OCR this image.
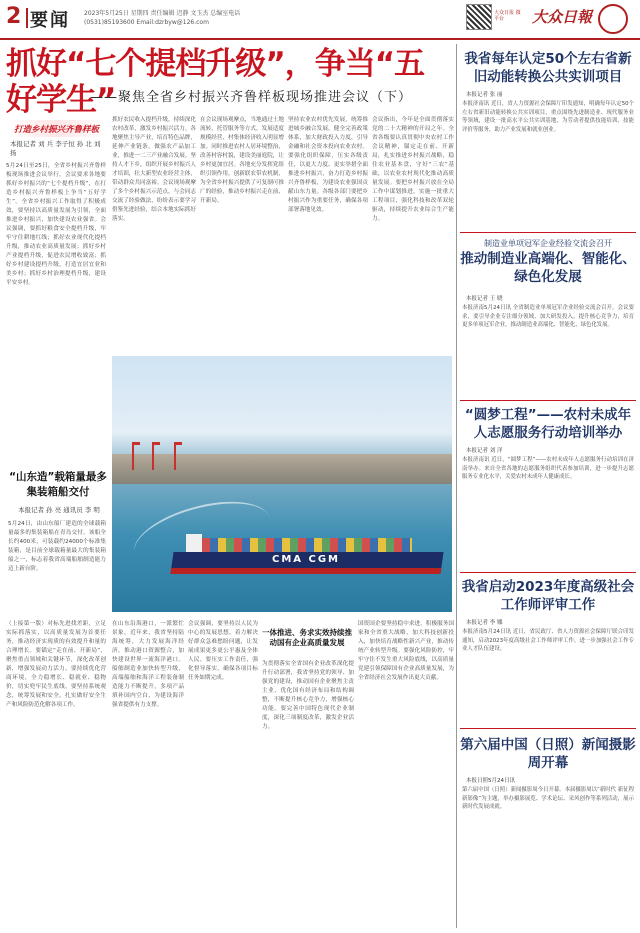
2 要闻 2023年5月25日 星期四 责任编辑 迟静 文玉杰 总编室电话(0531)85193600 Email:dzrbyw@126.com
大众日报 微平台	大众日報
抓好“七个提档升级”，争当“五好学生”
——聚焦全省乡村振兴齐鲁样板现场推进会议（下）
打造乡村振兴齐鲁样板
本报记者 刘 兵 李子恒 孙 北 刘 扬
5月24日至25日，全省乡村振兴齐鲁样板现场推进会议举行。会议要求各地要抓好乡村振兴的“七个提档升级”，在打造乡村振兴齐鲁样板上争当“五好学生”。全省乡村振兴工作取得了积极成效，要坚持以高质量发展为引领，全面推进乡村振兴，加快建设农业强省。会议强调，要抓好粮食安全提档升级，牢牢守住耕地红线；抓好农业现代化提档升级，推动农业高质量发展；抓好乡村产业提档升级，促进农民增收致富；抓好乡村建设提档升级，打造宜居宜业和美乡村；抓好乡村治理提档升级，建设平安乡村。
抓好农民收入提档升级，持续深化农村改革，激发乡村振兴活力。各地聚焦主导产业，培育特色品牌，延伸产业链条，做强农产品加工业，推进一二三产业融合发展。坚持人才下乡，组织开展乡村振兴人才培训，壮大新型农业经营主体，带动群众共同富裕。会议现场观摩了多个乡村振兴示范点，与会同志交流了经验做法，纷纷表示要学习借鉴先进经验，结合本地实际抓好落实。
在会议现场观摩点，当地通过土地流转、托管服务等方式，发展适度规模经营，村集体经济收入明显增加。同时推进农村人居环境整治，改善村容村貌，建设美丽庭院，让乡村更加宜居。各地充分发挥党组织引领作用，创新联农带农机制，为全省乡村振兴提供了可复制可推广的经验，推动乡村振兴走在前、开新局。
坚持农业农村优先发展，统筹推进城乡融合发展，健全完善政策体系，加大财政投入力度，引导金融和社会资本投向农业农村。要强化组织保障，压实各级责任，以更大力度、更实举措全面推进乡村振兴，奋力打造乡村振兴齐鲁样板，为建设农业强国贡献山东力量。各级各部门要把乡村振兴作为重要任务，确保各项部署落地见效。
会议指出，今年是全面贯彻落实党的二十大精神的开局之年。全省各级要认真贯彻中央农村工作会议精神，锚定走在前、开新局，扎实推进乡村振兴战略，稳住农业基本盘，守好“三农”基础，以农业农村现代化推动高质量发展。要把乡村振兴放在全局工作中谋划推进，实施一批重大工程项目，强化科技和改革双轮驱动，持续提升农业综合生产能力。
CMA CGM
“山东造”载箱量最多集装箱船交付
本报记者 孙 亮 通讯员 李 明
5月24日，由山东船厂建造的全球载箱量最多的集装箱船在青岛交付。该船全长约400米，可装载约24000个标准集装箱，是目前全球载箱量最大的集装箱船之一，标志着我省高端船舶制造能力迈上新台阶。
（上接第一版）对标先进找差距，立足实际抓落实，以高质量发展为首要任务，推动经济实现质的有效提升和量的合理增长。要锚定“走在前、开新局”，聚焦重点领域和关键环节，深化改革创新，增强发展动力活力。要持续优化营商环境，全力稳增长、稳就业、稳物价，切实兜牢民生底线。要坚持系统观念，统筹发展和安全，扎实做好安全生产和风险防范化解各项工作。
在山东沿海港口，一派繁忙景象。近年来，我省坚持陆海统筹，大力发展海洋经济，推动港口资源整合，加快建设世界一流海洋港口。船舶制造业加快转型升级，高端船舶和海洋工程装备制造能力不断提升，多项产品填补国内空白，为建设海洋强省提供有力支撑。
会议强调，要坚持以人民为中心的发展思想，着力解决好群众急难愁盼问题，让发展成果更多更公平惠及全体人民。要压实工作责任，强化督导落实，确保各项目标任务如期完成。
一体推进、务求实效持续推动国有企业高质量发展
为贯彻落实全省国有企业改革深化提升行动部署，我省坚持党的领导、加强党的建设，推动国有企业聚焦主责主业，优化国有经济布局和结构调整，不断提升核心竞争力，增强核心功能。要完善中国特色现代企业制度，深化三项制度改革，激发企业活力。
国资国企要坚持稳中求进，积极服务国家和全省重大战略，加大科技创新投入，加快培育战略性新兴产业，推动传统产业转型升级。要强化风险防控，牢牢守住不发生重大风险底线，以高质量党建引领保障国有企业高质量发展，为全省经济社会发展作出更大贡献。
我省每年认定50个左右省新旧动能转换公共实训项目
本报记者 张 丽
本报济南讯 近日，省人力资源社会保障厅印发通知，明确每年认定50个左右省新旧动能转换公共实训项目，重点围绕先进制造业、现代服务业等领域，建设一批高水平公共实训基地，为劳动者提供技能培训、技能评价等服务，助力产业发展和就业创业。
制造业单项冠军企业经验交流会召开
推动制造业高端化、智能化、绿色化发展
本报记者 王 晓
本报济南5月24日讯 全省制造业单项冠军企业经验交流会召开。会议要求，要引导企业专注细分领域，加大研发投入，提升核心竞争力，培育更多单项冠军企业，推动制造业高端化、智能化、绿色化发展。
“圆梦工程”——农村未成年人志愿服务行动培训举办
本报记者 刘 洋
本报济南讯 近日，“圆梦工程”——农村未成年人志愿服务行动培训在济南举办。来自全省各地的志愿服务组织代表参加培训，进一步提升志愿服务专业化水平，关爱农村未成年人健康成长。
我省启动2023年度高级社会工作师评审工作
本报记者 李 娜
本报济南5月24日讯 近日，省民政厅、省人力资源社会保障厅联合印发通知，启动2023年度高级社会工作师评审工作，进一步加强社会工作专业人才队伍建设。
第六届中国（日照）新闻摄影周开幕
本报日照5月24日讯
第六届中国（日照）新闻摄影周今日开幕。本届摄影周以“新时代 新征程 新影像”为主题，举办摄影展览、学术论坛、采风创作等系列活动，展示新时代发展成就。
